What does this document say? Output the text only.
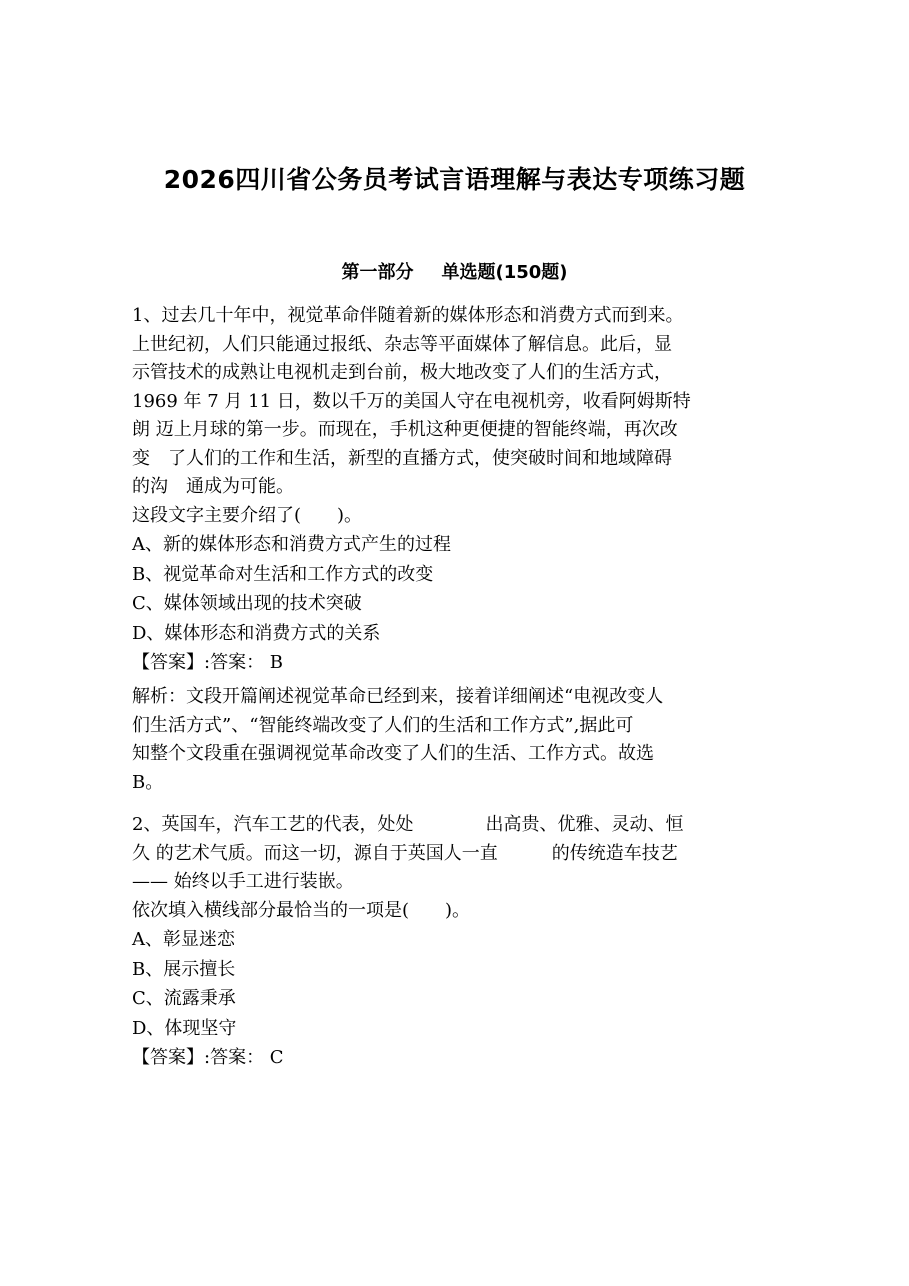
2026四川省公务员考试言语理解与表达专项练习题
第一部分 单选题(150题)
1、过去几十年中，视觉革命伴随着新的媒体形态和消费方式而到来。
上世纪初，人们只能通过报纸、杂志等平面媒体了解信息。此后，显
示管技术的成熟让电视机走到台前，极大地改变了人们的生活方式，
1969 年 7 月 11 日，数以千万的美国人守在电视机旁，收看阿姆斯特
朗 迈上月球的第一步。而现在，手机这种更便捷的智能终端，再次改
变　了人们的工作和生活，新型的直播方式，使突破时间和地域障碍
的沟　通成为可能。
这段文字主要介绍了(　　)。
A、新的媒体形态和消费方式产生的过程
B、视觉革命对生活和工作方式的改变
C、媒体领域出现的技术突破
D、媒体形态和消费方式的关系
【答案】:答案： B
解析：文段开篇阐述视觉革命已经到来，接着详细阐述“电视改变人
们生活方式”、“智能终端改变了人们的生活和工作方式”,据此可
知整个文段重在强调视觉革命改变了人们的生活、工作方式。故选
B。
2、英国车，汽车工艺的代表，处处　　　　出高贵、优雅、灵动、恒
久 的艺术气质。而这一切，源自于英国人一直　　　的传统造车技艺
—— 始终以手工进行装嵌。
依次填入横线部分最恰当的一项是(　　)。
A、彰显迷恋
B、展示擅长
C、流露秉承
D、体现坚守
【答案】:答案： C
